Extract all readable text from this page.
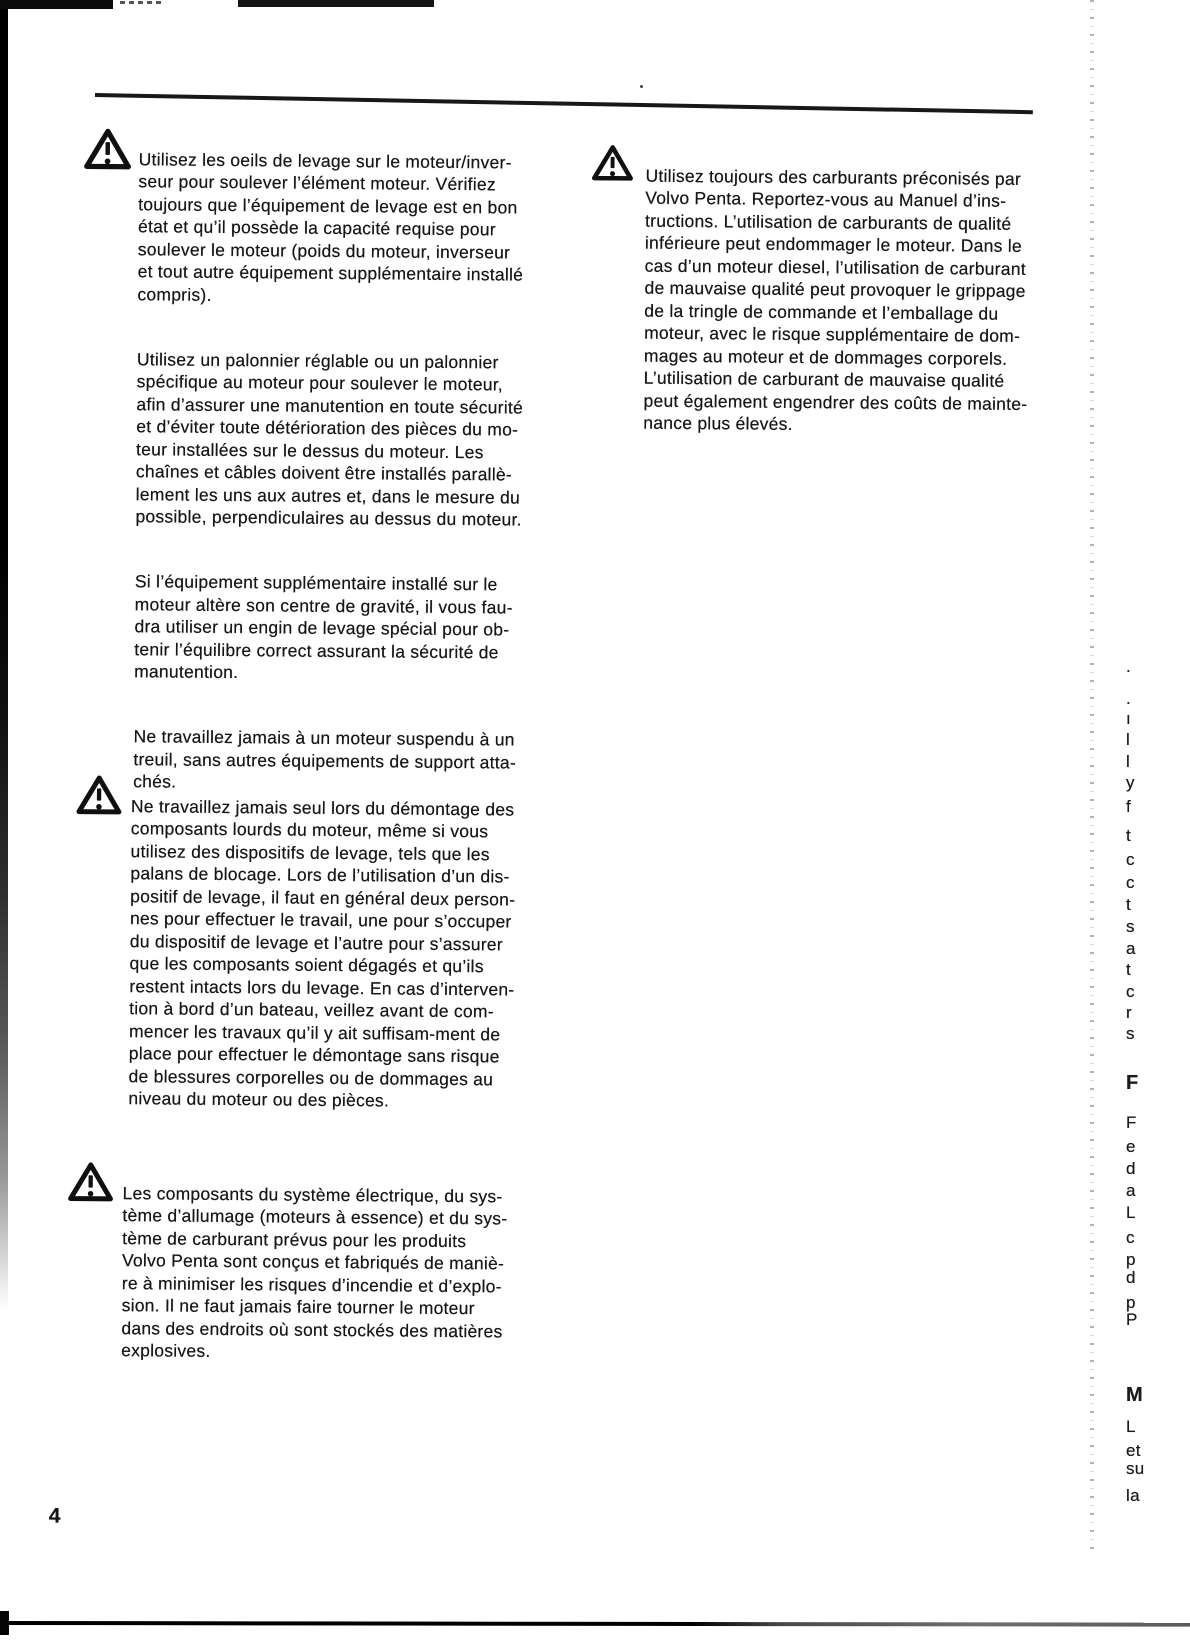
Utilisez les oeils de levage sur le moteur/inver-
seur pour soulever l’élément moteur. Vérifiez
toujours que l’équipement de levage est en bon
état et qu’il possède la capacité requise pour
soulever le moteur (poids du moteur, inverseur
et tout autre équipement supplémentaire installé
compris).

Utilisez un palonnier réglable ou un palonnier
spécifique au moteur pour soulever le moteur,
afin d’assurer une manutention en toute sécurité
et d’éviter toute détérioration des pièces du mo-
teur installées sur le dessus du moteur. Les
chaînes et câbles doivent être installés parallè-
lement les uns aux autres et, dans le mesure du
possible, perpendiculaires au dessus du moteur.

Si l’équipement supplémentaire installé sur le
moteur altère son centre de gravité, il vous fau-
dra utiliser un engin de levage spécial pour ob-
tenir l’équilibre correct assurant la sécurité de
manutention.

Ne travaillez jamais à un moteur suspendu à un
treuil, sans autres équipements de support atta-
chés.

Ne travaillez jamais seul lors du démontage des
composants lourds du moteur, même si vous
utilisez des dispositifs de levage, tels que les
palans de blocage. Lors de l’utilisation d’un dis-
positif de levage, il faut en général deux person-
nes pour effectuer le travail, une pour s’occuper
du dispositif de levage et l’autre pour s’assurer
que les composants soient dégagés et qu’ils
restent intacts lors du levage. En cas d’interven-
tion à bord d’un bateau, veillez avant de com-
mencer les travaux qu’il y ait suffisam-ment de
place pour effectuer le démontage sans risque
de blessures corporelles ou de dommages au
niveau du moteur ou des pièces.

Les composants du système électrique, du sys-
tème d’allumage (moteurs à essence) et du sys-
tème de carburant prévus pour les produits
Volvo Penta sont conçus et fabriqués de maniè-
re à minimiser les risques d’incendie et d’explo-
sion. Il ne faut jamais faire tourner le moteur
dans des endroits où sont stockés des matières
explosives.

Utilisez toujours des carburants préconisés par
Volvo Penta. Reportez-vous au Manuel d’ins-
tructions. L’utilisation de carburants de qualité
inférieure peut endommager le moteur. Dans le
cas d’un moteur diesel, l’utilisation de carburant
de mauvaise qualité peut provoquer le grippage
de la tringle de commande et l’emballage du
moteur, avec le risque supplémentaire de dom-
mages au moteur et de dommages corporels.
L’utilisation de carburant de mauvaise qualité
peut également engendrer des coûts de mainte-
nance plus élevés.

4
.
.
ı
l
l
y
f
t
c
c
t
s
a
t
c
r
s
F
F
e
d
a
L
c
p
d
p
P
M
L
et
su
la
